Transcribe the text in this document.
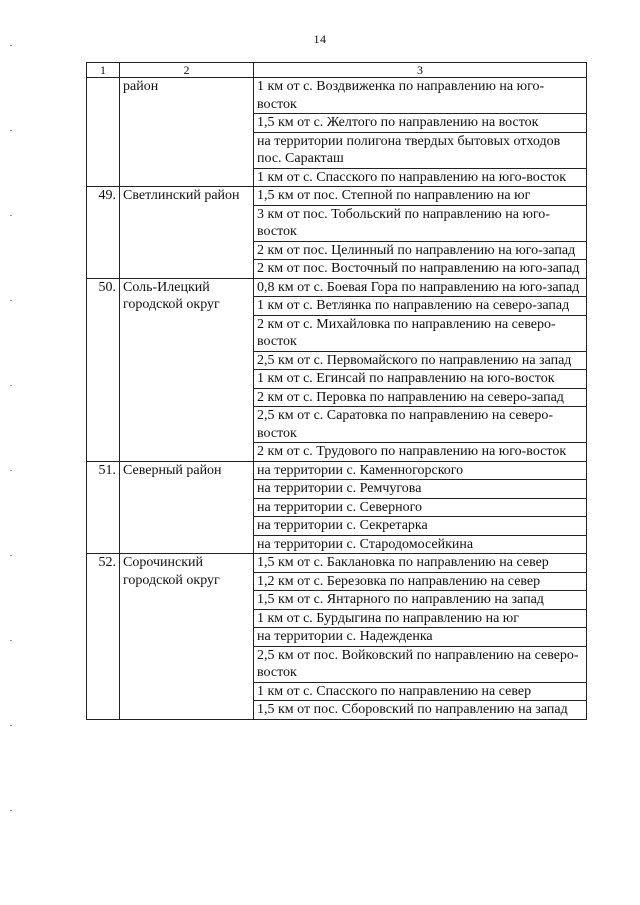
14
1	2	3
	район	1 км от с. Воздвиженка по направлению на юго-восток
		1,5 км от с. Желтого по направлению на восток
		на территории полигона твердых бытовых отходов пос. Саракташ
		1 км от с. Спасского по направлению на юго-восток
49.	Светлинский район	1,5 км от пос. Степной по направлению на юг
		3 км от пос. Тобольский по направлению на юго-восток
		2 км от пос. Целинный по направлению на юго-запад
		2 км от пос. Восточный по направлению на юго-запад
50.	Соль-Илецкий городской округ	0,8 км от с. Боевая Гора по направлению на юго-запад
		1 км от с. Ветлянка по направлению на северо-запад
		2 км от с. Михайловка по направлению на северо-восток
		2,5 км от с. Первомайского по направлению на запад
		1 км от с. Егинсай по направлению на юго-восток
		2 км от с. Перовка по направлению на северо-запад
		2,5 км от с. Саратовка по направлению на северо-восток
		2 км от с. Трудового по направлению на юго-восток
51.	Северный район	на территории с. Каменногорского
		на территории с. Ремчугова
		на территории с. Северного
		на территории с. Секретарка
		на территории с. Стародомосейкина
52.	Сорочинский городской округ	1,5 км от с. Баклановка по направлению на север
		1,2 км от с. Березовка по направлению на север
		1,5 км от с. Янтарного по направлению на запад
		1 км от с. Бурдыгина по направлению на юг
		на территории с. Надежденка
		2,5 км от пос. Войковский по направлению на северо-восток
		1 км от с. Спасского по направлению на север
		1,5 км от пос. Сборовский по направлению на запад
